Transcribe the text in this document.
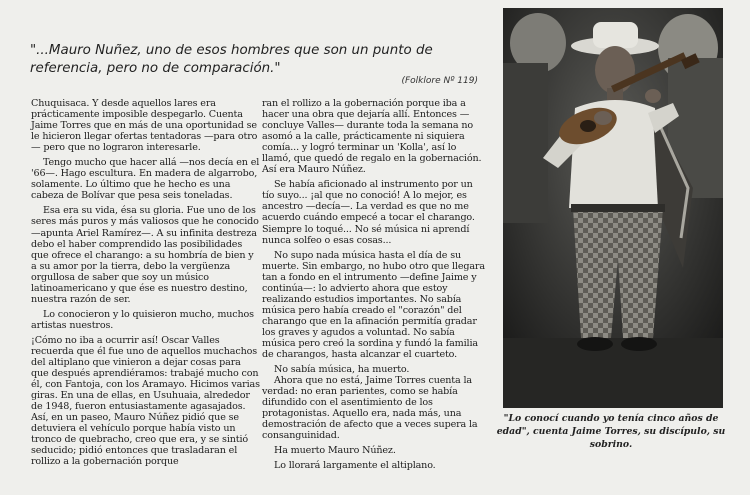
"...Mauro Nuñez, uno de esos hombres que son un punto de referencia, pero no de comparación."
(Folklore Nº 119)

Chuquisaca. Y desde aquellos lares era prácticamente imposible despegarlo. Cuenta Jaime Torres que en más de una oportunidad se le hicieron llegar ofertas tentadoras —para otro— pero que no lograron interesarle.

Tengo mucho que hacer allá —nos decía en el '66—. Hago escultura. En madera de algarrobo, solamente. Lo último que he hecho es una cabeza de Bolívar que pesa seis toneladas.

Esa era su vida, ésa su gloria. Fue uno de los seres más puros y más valiosos que he conocido —apunta Ariel Ramírez—. A su infinita destreza debo el haber comprendido las posibilidades que ofrece el charango: a su hombría de bien y a su amor por la tierra, debo la vergüenza orgullosa de saber que soy un músico latinoamericano y que ése es nuestro destino, nuestra razón de ser.

Lo conocieron y lo quisieron mucho, muchos artistas nuestros.

¡Cómo no iba a ocurrir así! Oscar Valles recuerda que él fue uno de aquellos muchachos del altiplano que vinieron a dejar cosas para que después aprendiéramos: trabajé mucho con él, con Fantoja, con los Aramayo. Hicimos varias giras. En una de ellas, en Usuhuaia, alrededor de 1948, fueron entusiastamente agasajados. Así, en un paseo, Mauro Núñez pidió que se detuviera el vehículo porque había visto un tronco de quebracho, creo que era, y se sintió seducido; pidió entonces que trasladaran el rollizo a la gobernación porque

ran el rollizo a la gobernación porque iba a hacer una obra que dejaría allí. Entonces —concluye Valles— durante toda la semana no asomó a la calle, prácticamente ni siquiera comía... y logró terminar un 'Kolla', así lo llamó, que quedó de regalo en la gobernación. Así era Mauro Núñez.

Se había aficionado al instrumento por un tío suyo... ¡al que no conoció! A lo mejor, es ancestro —decía—. La verdad es que no me acuerdo cuándo empecé a tocar el charango. Siempre lo toqué... No sé música ni aprendí nunca solfeo o esas cosas...

No supo nada música hasta el día de su muerte. Sin embargo, no hubo otro que llegara tan a fondo en el intrumento —define Jaime y continúa—: lo advierto ahora que estoy realizando estudios importantes. No sabía música pero había creado el "corazón" del charango que en la afinación permitía gradar los graves y agudos a voluntad. No sabía música pero creó la sordina y fundó la familia de charangos, hasta alcanzar el cuarteto.

No sabía música, ha muerto.

Ahora que no está, Jaime Torres cuenta la verdad: no eran parientes, como se había difundido con el asentimiento de los protagonistas. Aquello era, nada más, una demostración de afecto que a veces supera la consanguinidad.

Ha muerto Mauro Núñez.

Lo llorará largamente el altiplano.

"Lo conocí cuando yo tenía cinco años de edad", cuenta Jaime Torres, su discípulo, su sobrino.
